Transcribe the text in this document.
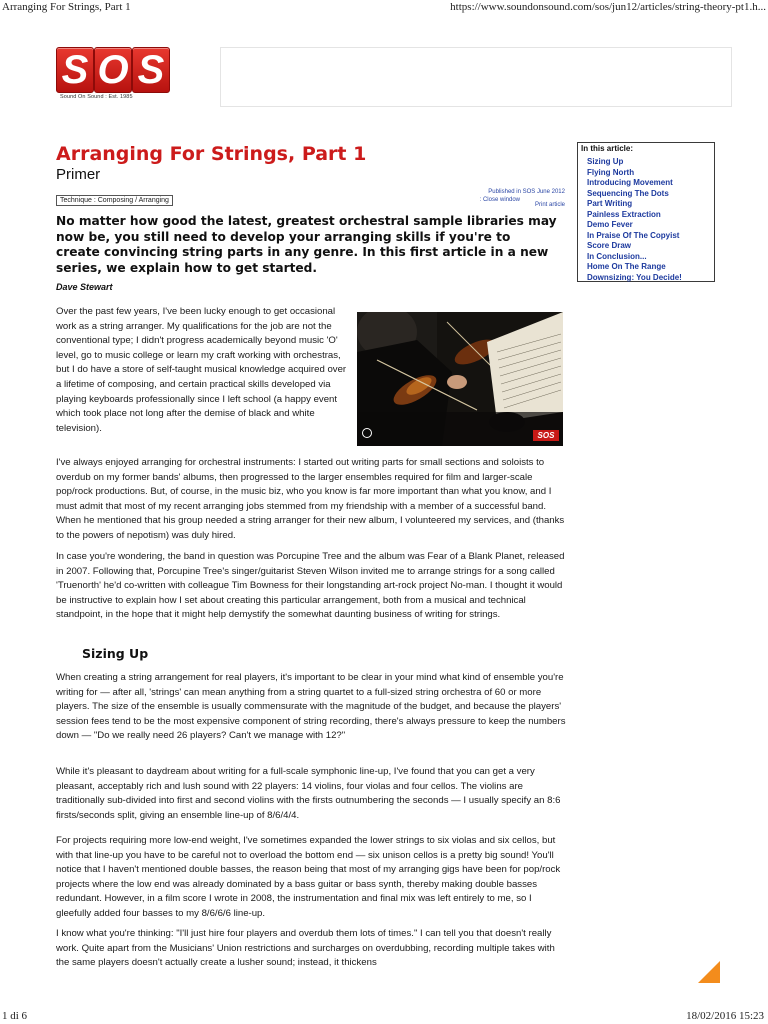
Arranging For Strings, Part 1	https://www.soundonsound.com/sos/jun12/articles/string-theory-pt1.h...
S O S
Sound On Sound : Est. 1985
Arranging For Strings, Part 1
Primer
Technique : Composing / Arranging
Published in SOS June 2012
: Close window
Print article
In this article:
Sizing Up
Flying North
Introducing Movement
Sequencing The Dots
Part Writing
Painless Extraction
Demo Fever
In Praise Of The Copyist
Score Draw
In Conclusion...
Home On The Range
Downsizing: You Decide!
No matter how good the latest, greatest orchestral sample libraries may now be, you still need to develop your arranging skills if you're to create convincing string parts in any genre. In this first article in a new series, we explain how to get started.
Dave Stewart
Over the past few years, I've been lucky enough to get occasional work as a string arranger. My qualifications for the job are not the conventional type; I didn't progress academically beyond music 'O' level, go to music college or learn my craft working with orchestras, but I do have a store of self-taught musical knowledge acquired over a lifetime of composing, and certain practical skills developed via playing keyboards professionally since I left school (a happy event which took place not long after the demise of black and white television).
SOS
I've always enjoyed arranging for orchestral instruments: I started out writing parts for small sections and soloists to overdub on my former bands' albums, then progressed to the larger ensembles required for film and larger-scale pop/rock productions. But, of course, in the music biz, who you know is far more important than what you know, and I must admit that most of my recent arranging jobs stemmed from my friendship with a member of a successful band. When he mentioned that his group needed a string arranger for their new album, I volunteered my services, and (thanks to the powers of nepotism) was duly hired.
In case you're wondering, the band in question was Porcupine Tree and the album was Fear of a Blank Planet, released in 2007. Following that, Porcupine Tree's singer/guitarist Steven Wilson invited me to arrange strings for a song called 'Truenorth' he'd co-written with colleague Tim Bowness for their longstanding art-rock project No-man. I thought it would be instructive to explain how I set about creating this particular arrangement, both from a musical and technical standpoint, in the hope that it might help demystify the somewhat daunting business of writing for strings.
Sizing Up
When creating a string arrangement for real players, it's important to be clear in your mind what kind of ensemble you're writing for — after all, 'strings' can mean anything from a string quartet to a full-sized string orchestra of 60 or more players. The size of the ensemble is usually commensurate with the magnitude of the budget, and because the players' session fees tend to be the most expensive component of string recording, there's always pressure to keep the numbers down — "Do we really need 26 players? Can't we manage with 12?"
While it's pleasant to daydream about writing for a full-scale symphonic line-up, I've found that you can get a very pleasant, acceptably rich and lush sound with 22 players: 14 violins, four violas and four cellos. The violins are traditionally sub-divided into first and second violins with the firsts outnumbering the seconds — I usually specify an 8:6 firsts/seconds split, giving an ensemble line-up of 8/6/4/4.
For projects requiring more low-end weight, I've sometimes expanded the lower strings to six violas and six cellos, but with that line-up you have to be careful not to overload the bottom end — six unison cellos is a pretty big sound! You'll notice that I haven't mentioned double basses, the reason being that most of my arranging gigs have been for pop/rock projects where the low end was already dominated by a bass guitar or bass synth, thereby making double basses redundant. However, in a film score I wrote in 2008, the instrumentation and final mix was left entirely to me, so I gleefully added four basses to my 8/6/6/6 line-up.
I know what you're thinking: "I'll just hire four players and overdub them lots of times." I can tell you that doesn't really work. Quite apart from the Musicians' Union restrictions and surcharges on overdubbing, recording multiple takes with the same players doesn't actually create a lusher sound; instead, it thickens
1 di 6	18/02/2016 15:23
